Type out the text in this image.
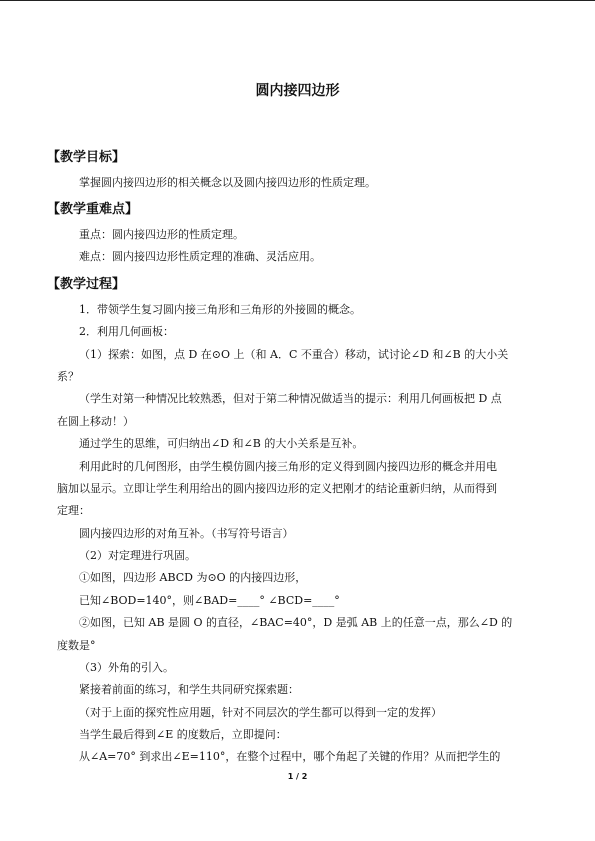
圆内接四边形
【教学目标】
掌握圆内接四边形的相关概念以及圆内接四边形的性质定理。
【教学重难点】
重点：圆内接四边形的性质定理。
难点：圆内接四边形性质定理的准确、灵活应用。
【教学过程】
1．带领学生复习圆内接三角形和三角形的外接圆的概念。
2．利用几何画板：
（1）探索：如图，点 D 在⊙O 上（和 A．C 不重合）移动，试讨论∠D 和∠B 的大小关
系？
（学生对第一种情况比较熟悉，但对于第二种情况做适当的提示：利用几何画板把 D 点
在圆上移动！）
通过学生的思维，可归纳出∠D 和∠B 的大小关系是互补。
利用此时的几何图形，由学生模仿圆内接三角形的定义得到圆内接四边形的概念并用电
脑加以显示。立即让学生利用给出的圆内接四边形的定义把刚才的结论重新归纳，从而得到
定理：
圆内接四边形的对角互补。（书写符号语言）
（2）对定理进行巩固。
①如图，四边形 ABCD 为⊙O 的内接四边形，
已知∠BOD=140°，则∠BAD=____° ∠BCD=____°
②如图，已知 AB 是圆 O 的直径，∠BAC=40°，D 是弧 AB 上的任意一点，那么∠D 的
度数是°
（3）外角的引入。
紧接着前面的练习，和学生共同研究探索题：
（对于上面的探究性应用题，针对不同层次的学生都可以得到一定的发挥）
当学生最后得到∠E 的度数后，立即提问：
从∠A=70° 到求出∠E=110°，在整个过程中，哪个角起了关键的作用？从而把学生的
1 / 2
